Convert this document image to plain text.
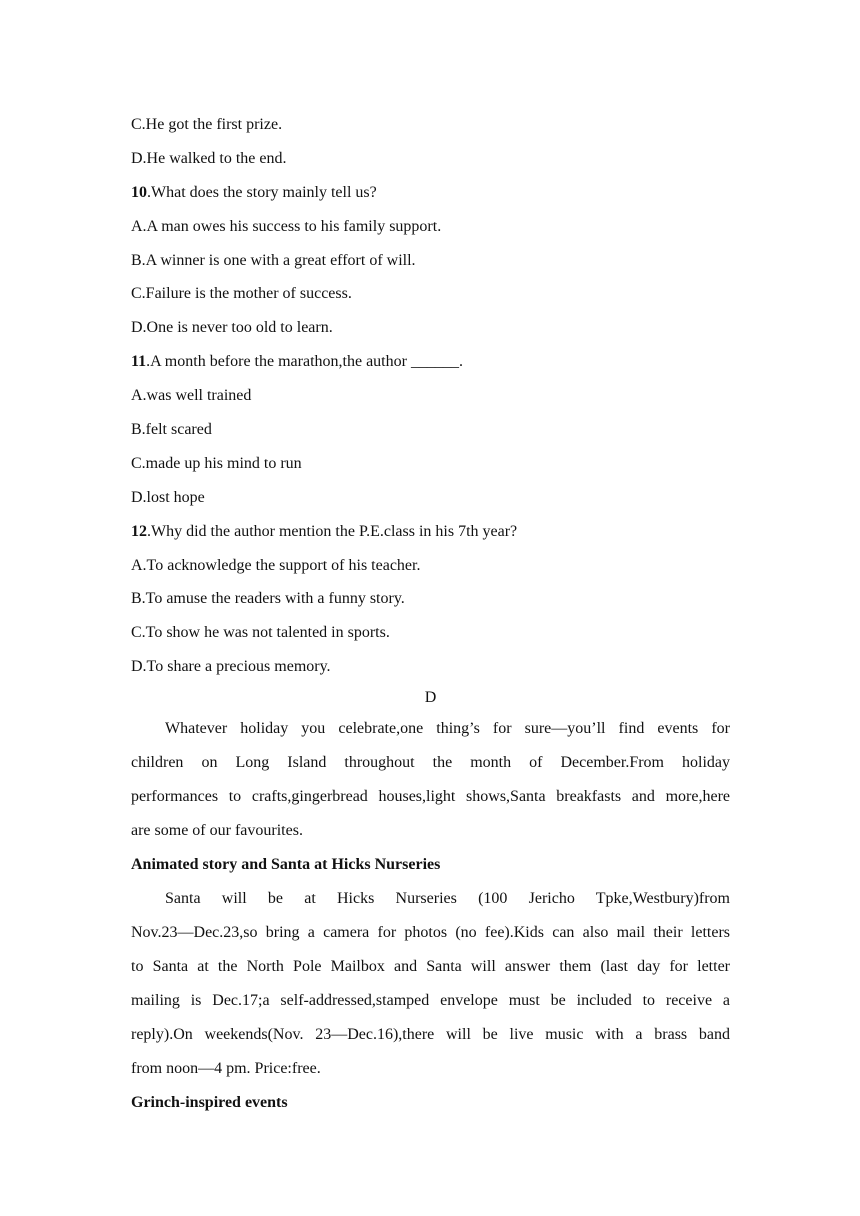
C.He got the first prize.
D.He walked to the end.
10.What does the story mainly tell us?
A.A man owes his success to his family support.
B.A winner is one with a great effort of will.
C.Failure is the mother of success.
D.One is never too old to learn.
11.A month before the marathon,the author ______.
A.was well trained
B.felt scared
C.made up his mind to run
D.lost hope
12.Why did the author mention the P.E.class in his 7th year?
A.To acknowledge the support of his teacher.
B.To amuse the readers with a funny story.
C.To show he was not talented in sports.
D.To share a precious memory.
D
Whatever holiday you celebrate,one thing’s for sure—you’ll find events for
children on Long Island throughout the month of December.From holiday
performances to crafts,gingerbread houses,light shows,Santa breakfasts and more,here
are some of our favourites.
Animated story and Santa at Hicks Nurseries
Santa will be at Hicks Nurseries (100 Jericho Tpke,Westbury)from
Nov.23—Dec.23,so bring a camera for photos (no fee).Kids can also mail their letters
to Santa at the North Pole Mailbox and Santa will answer them (last day for letter
mailing is Dec.17;a self-addressed,stamped envelope must be included to receive a
reply).On weekends(Nov. 23—Dec.16),there will be live music with a brass band
from noon—4 pm. Price:free.
Grinch-inspired events
